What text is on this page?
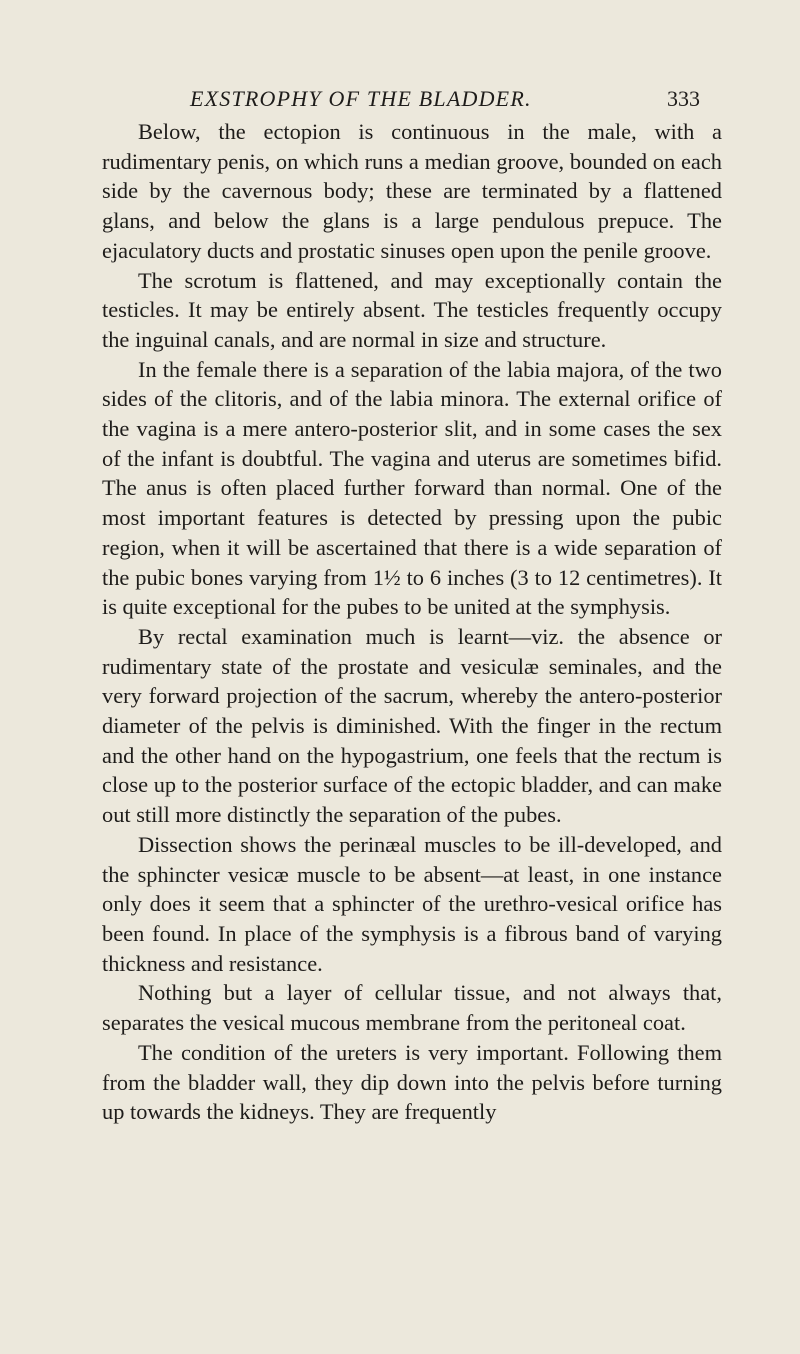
EXSTROPHY OF THE BLADDER.	333

Below, the ectopion is continuous in the male, with a rudimentary penis, on which runs a median groove, bounded on each side by the cavernous body; these are terminated by a flattened glans, and below the glans is a large pendulous prepuce. The ejaculatory ducts and prostatic sinuses open upon the penile groove.

The scrotum is flattened, and may exceptionally contain the testicles. It may be entirely absent. The testicles frequently occupy the inguinal canals, and are normal in size and structure.

In the female there is a separation of the labia majora, of the two sides of the clitoris, and of the labia minora. The external orifice of the vagina is a mere antero-posterior slit, and in some cases the sex of the infant is doubtful. The vagina and uterus are sometimes bifid. The anus is often placed further forward than normal. One of the most important features is detected by pressing upon the pubic region, when it will be ascertained that there is a wide separation of the pubic bones varying from 1½ to 6 inches (3 to 12 centimetres). It is quite exceptional for the pubes to be united at the symphysis.

By rectal examination much is learnt—viz. the absence or rudimentary state of the prostate and vesiculæ seminales, and the very forward projection of the sacrum, whereby the antero-posterior diameter of the pelvis is diminished. With the finger in the rectum and the other hand on the hypogastrium, one feels that the rectum is close up to the posterior surface of the ectopic bladder, and can make out still more distinctly the separation of the pubes.

Dissection shows the perinæal muscles to be ill-developed, and the sphincter vesicæ muscle to be absent—at least, in one instance only does it seem that a sphincter of the urethro-vesical orifice has been found. In place of the symphysis is a fibrous band of varying thickness and resistance.

Nothing but a layer of cellular tissue, and not always that, separates the vesical mucous membrane from the peritoneal coat.

The condition of the ureters is very important. Following them from the bladder wall, they dip down into the pelvis before turning up towards the kidneys. They are frequently
